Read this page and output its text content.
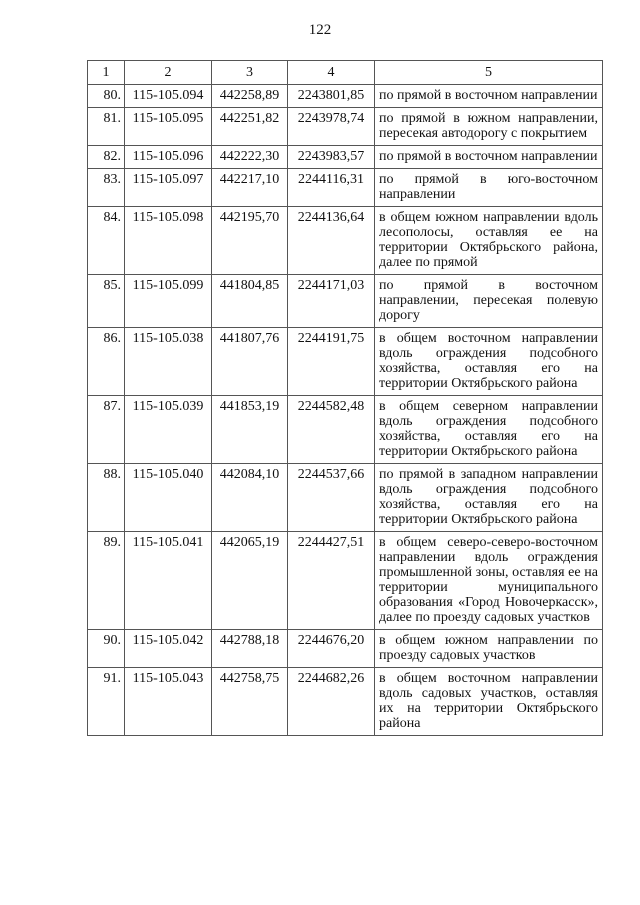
122
1	2	3	4	5
80.	115-105.094	442258,89	2243801,85	по прямой в восточном направлении
81.	115-105.095	442251,82	2243978,74	по прямой в южном направлении, пересекая автодорогу с покрытием
82.	115-105.096	442222,30	2243983,57	по прямой в восточном направлении
83.	115-105.097	442217,10	2244116,31	по прямой в юго-восточном направлении
84.	115-105.098	442195,70	2244136,64	в общем южном направлении вдоль лесополосы, оставляя ее на территории Октябрьского района, далее по прямой
85.	115-105.099	441804,85	2244171,03	по прямой в восточном направлении, пересекая полевую дорогу
86.	115-105.038	441807,76	2244191,75	в общем восточном направлении вдоль ограждения подсобного хозяйства, оставляя его на территории Октябрьского района
87.	115-105.039	441853,19	2244582,48	в общем северном направлении вдоль ограждения подсобного хозяйства, оставляя его на территории Октябрьского района
88.	115-105.040	442084,10	2244537,66	по прямой в западном направлении вдоль ограждения подсобного хозяйства, оставляя его на территории Октябрьского района
89.	115-105.041	442065,19	2244427,51	в общем северо-северо-восточном направлении вдоль ограждения промышленной зоны, оставляя ее на территории муниципального образования «Город Новочеркасск», далее по проезду садовых участков
90.	115-105.042	442788,18	2244676,20	в общем южном направлении по проезду садовых участков
91.	115-105.043	442758,75	2244682,26	в общем восточном направлении вдоль садовых участков, оставляя их на территории Октябрьского района
